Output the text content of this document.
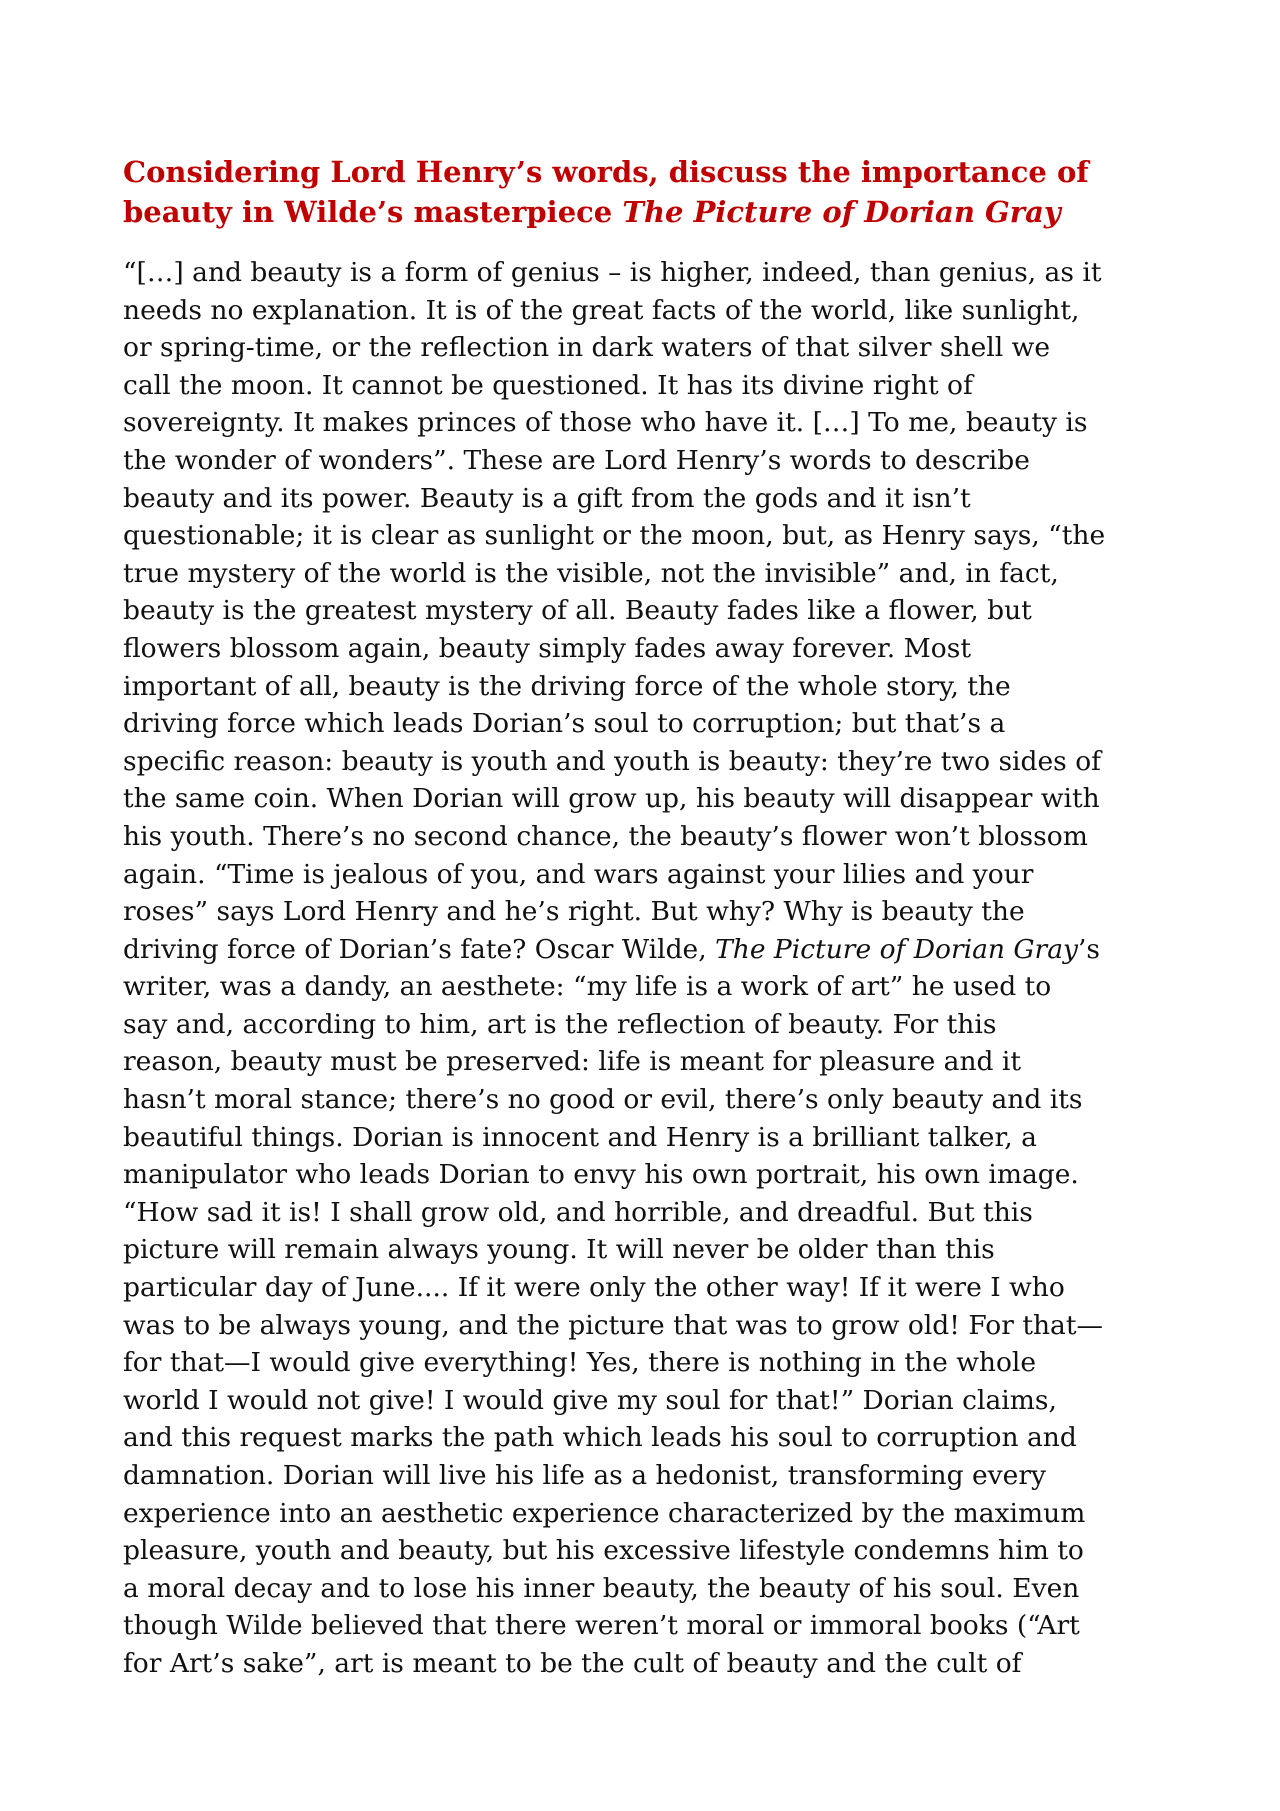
Considering Lord Henry’s words, discuss the importance of
beauty in Wilde’s masterpiece The Picture of Dorian Gray
“[…] and beauty is a form of genius – is higher, indeed, than genius, as it
needs no explanation. It is of the great facts of the world, like sunlight,
or spring-time, or the reflection in dark waters of that silver shell we
call the moon. It cannot be questioned. It has its divine right of
sovereignty. It makes princes of those who have it. […] To me, beauty is
the wonder of wonders”. These are Lord Henry’s words to describe
beauty and its power. Beauty is a gift from the gods and it isn’t
questionable; it is clear as sunlight or the moon, but, as Henry says, “the
true mystery of the world is the visible, not the invisible” and, in fact,
beauty is the greatest mystery of all. Beauty fades like a flower, but
flowers blossom again, beauty simply fades away forever. Most
important of all, beauty is the driving force of the whole story, the
driving force which leads Dorian’s soul to corruption; but that’s a
specific reason: beauty is youth and youth is beauty: they’re two sides of
the same coin. When Dorian will grow up, his beauty will disappear with
his youth. There’s no second chance, the beauty’s flower won’t blossom
again. “Time is jealous of you, and wars against your lilies and your
roses” says Lord Henry and he’s right. But why? Why is beauty the
driving force of Dorian’s fate? Oscar Wilde, The Picture of Dorian Gray’s
writer, was a dandy, an aesthete: “my life is a work of art” he used to
say and, according to him, art is the reflection of beauty. For this
reason, beauty must be preserved: life is meant for pleasure and it
hasn’t moral stance; there’s no good or evil, there’s only beauty and its
beautiful things. Dorian is innocent and Henry is a brilliant talker, a
manipulator who leads Dorian to envy his own portrait, his own image.
“How sad it is! I shall grow old, and horrible, and dreadful. But this
picture will remain always young. It will never be older than this
particular day of June.... If it were only the other way! If it were I who
was to be always young, and the picture that was to grow old! For that—
for that—I would give everything! Yes, there is nothing in the whole
world I would not give! I would give my soul for that!” Dorian claims,
and this request marks the path which leads his soul to corruption and
damnation. Dorian will live his life as a hedonist, transforming every
experience into an aesthetic experience characterized by the maximum
pleasure, youth and beauty, but his excessive lifestyle condemns him to
a moral decay and to lose his inner beauty, the beauty of his soul. Even
though Wilde believed that there weren’t moral or immoral books (“Art
for Art’s sake”, art is meant to be the cult of beauty and the cult of
